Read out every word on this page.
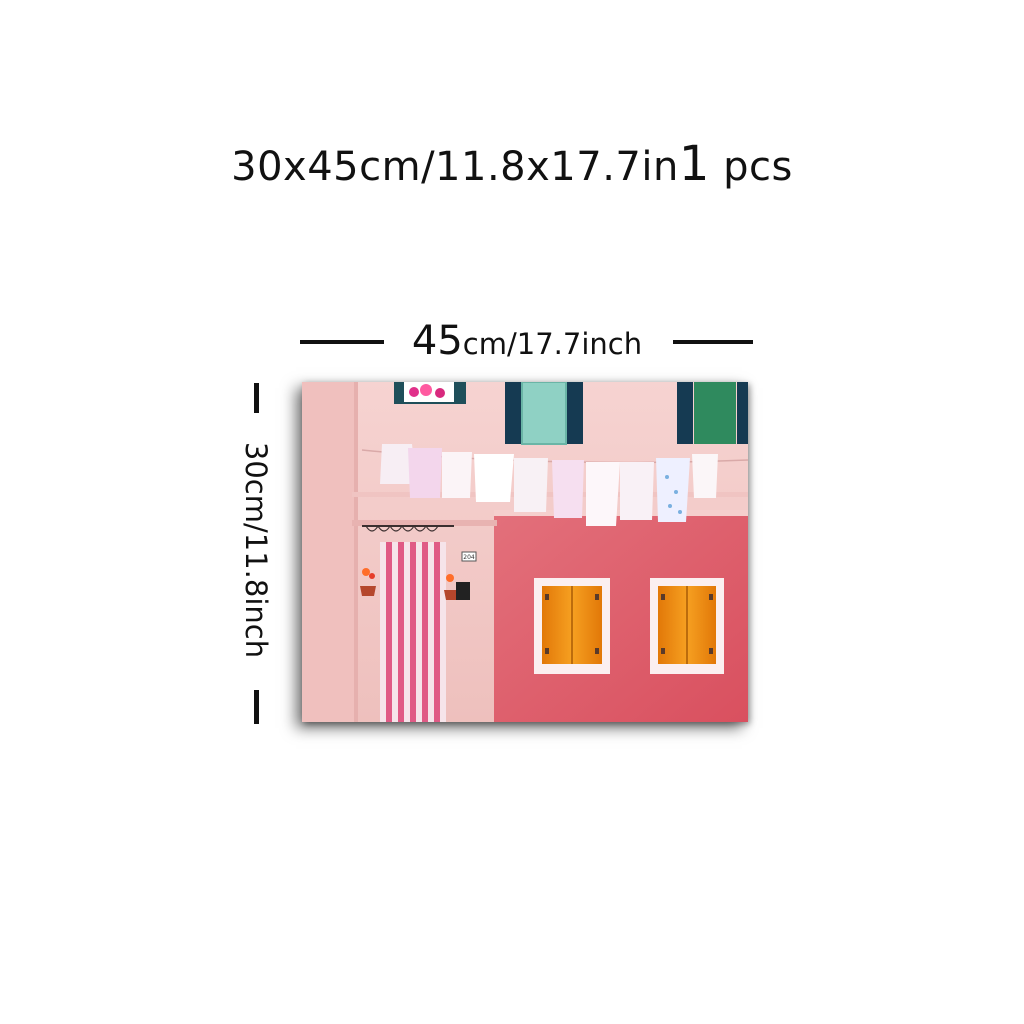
30x45cm/11.8x17.7in1 pcs
45cm/17.7inch
30cm/11.8inch	204
